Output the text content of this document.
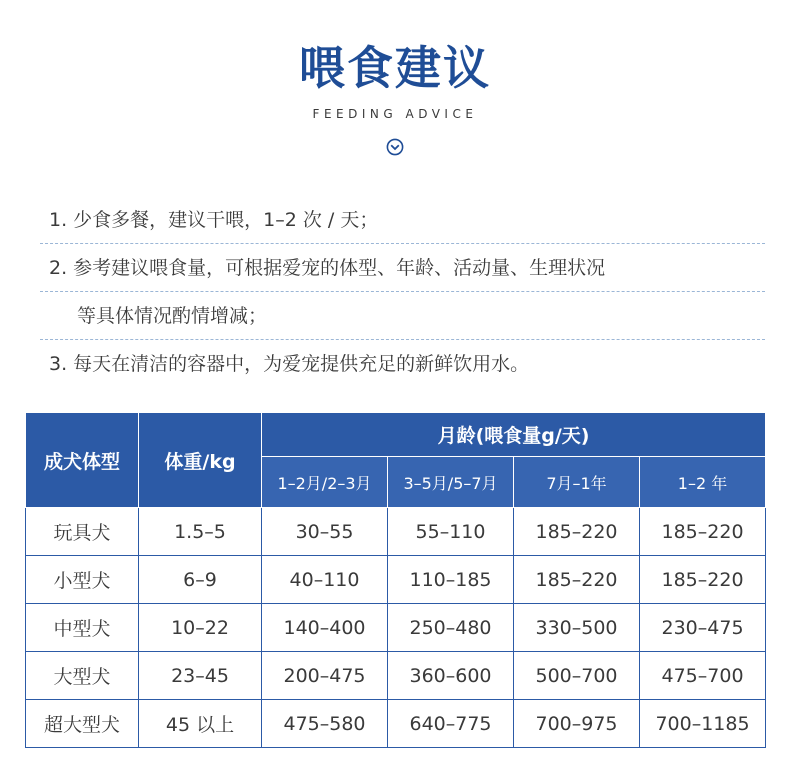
喂食建议
FEEDING ADVICE
1. 少食多餐，建议干喂，1–2 次 / 天；
2. 参考建议喂食量，可根据爱宠的体型、年龄、活动量、生理状况
等具体情况酌情增减；
3. 每天在清洁的容器中，为爱宠提供充足的新鲜饮用水。
成犬体型	体重/kg	月龄(喂食量g/天)			
		1–2月/2–3月	3–5月/5–7月	7月–1年	1–2 年
玩具犬	1.5–5	30–55	55–110	185–220	185–220
小型犬	6–9	40–110	110–185	185–220	185–220
中型犬	10–22	140–400	250–480	330–500	230–475
大型犬	23–45	200–475	360–600	500–700	475–700
超大型犬	45 以上	475–580	640–775	700–975	700–1185
